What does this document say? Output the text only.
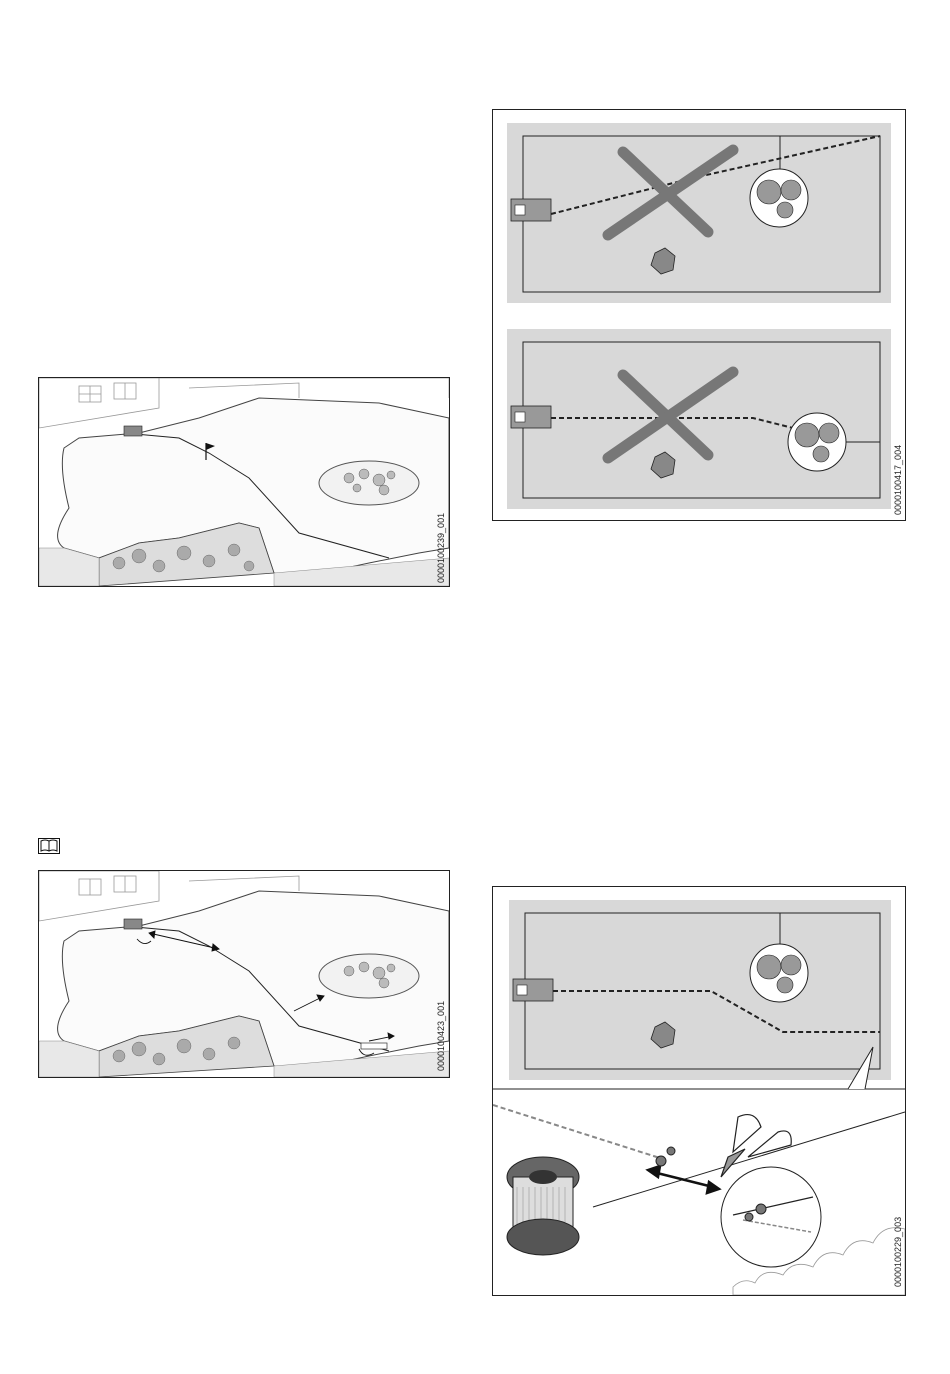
0000100239_001
0000100423_001
0000100417_004
0000100229_003
